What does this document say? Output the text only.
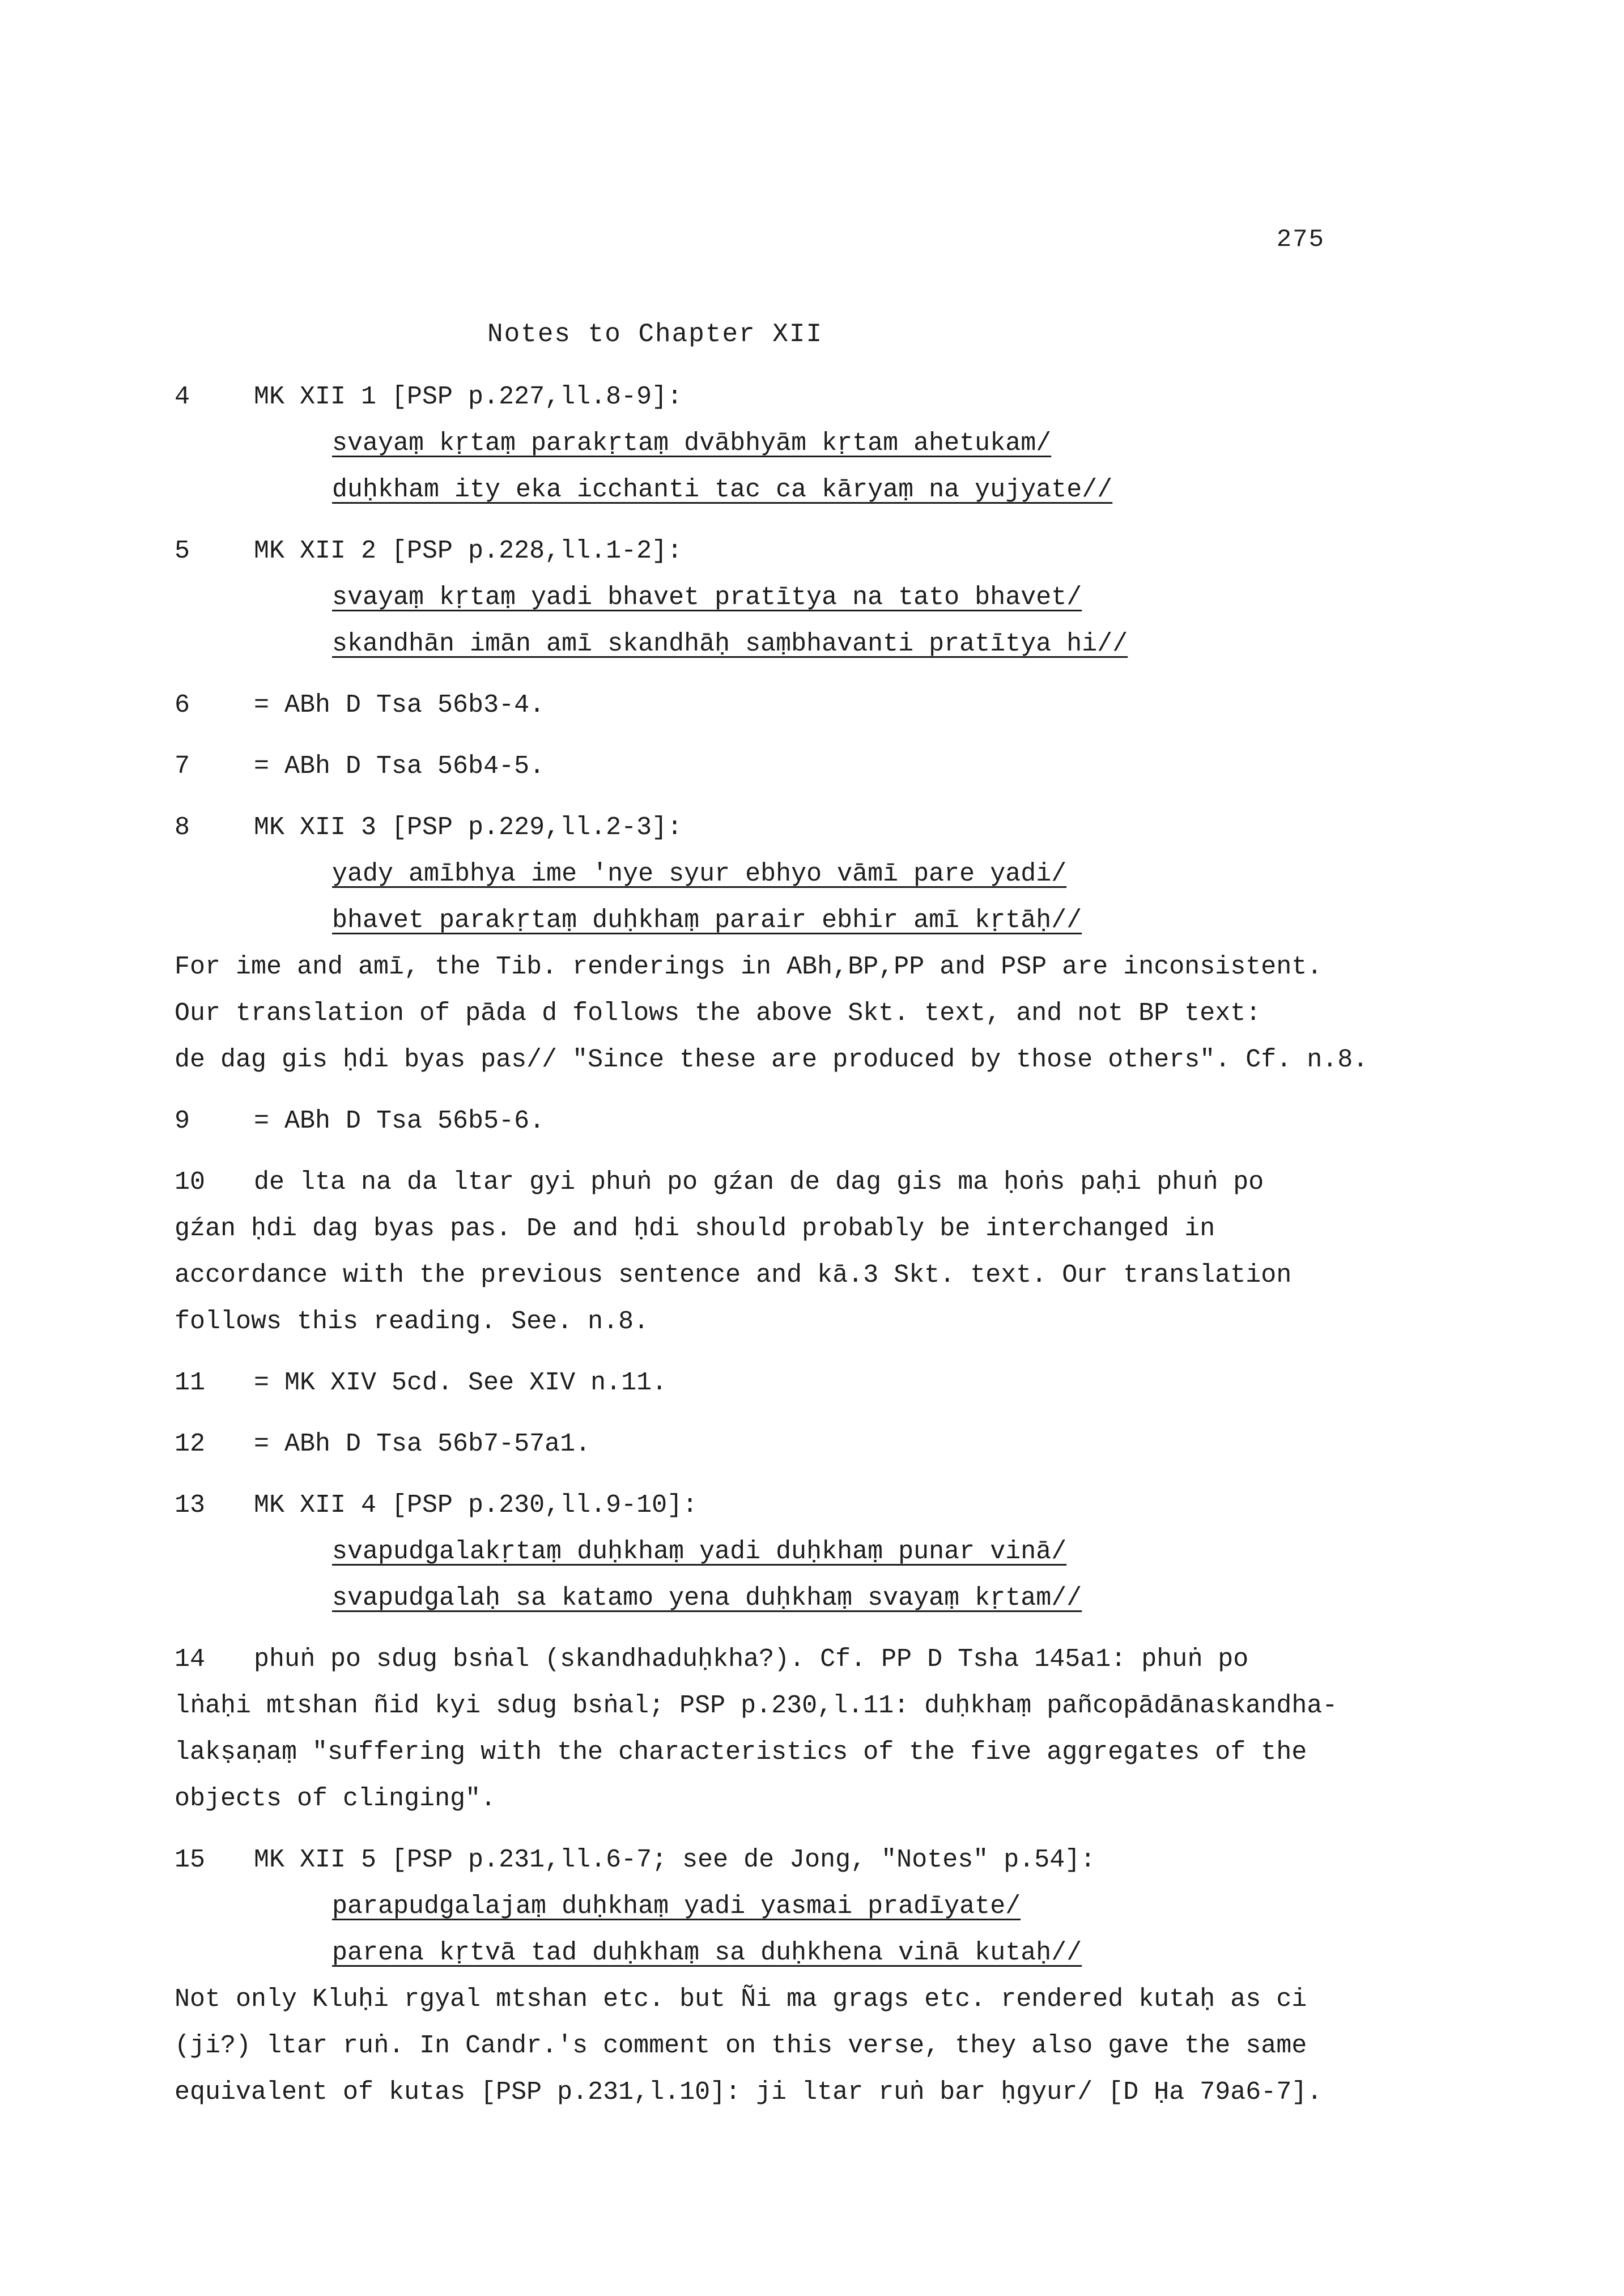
275
Notes to Chapter XII
4	MK XII 1 [PSP p.227,ll.8-9]:
svayaṃ kṛtaṃ parakṛtaṃ dvābhyām kṛtam ahetukam/
duḥkham ity eka icchanti tac ca kāryaṃ na yujyate//
5	MK XII 2 [PSP p.228,ll.1-2]:
svayaṃ kṛtaṃ yadi bhavet pratītya na tato bhavet/
skandhān imān amī skandhāḥ saṃbhavanti pratītya hi//
6	= ABh D Tsa 56b3-4.
7	= ABh D Tsa 56b4-5.
8	MK XII 3 [PSP p.229,ll.2-3]:
yady amībhya ime 'nye syur ebhyo vāmī pare yadi/
bhavet parakṛtaṃ duḥkhaṃ parair ebhir amī kṛtāḥ//
For ime and amī, the Tib. renderings in ABh,BP,PP and PSP are inconsistent.
Our translation of pāda d follows the above Skt. text, and not BP text:
de dag gis ḥdi byas pas// "Since these are produced by those others". Cf. n.8.
9	= ABh D Tsa 56b5-6.
10	de lta na da ltar gyi phuṅ po gźan de dag gis ma ḥoṅs paḥi phuṅ po
gźan ḥdi dag byas pas. De and ḥdi should probably be interchanged in
accordance with the previous sentence and kā.3 Skt. text. Our translation
follows this reading. See. n.8.
11	= MK XIV 5cd. See XIV n.11.
12	= ABh D Tsa 56b7-57a1.
13	MK XII 4 [PSP p.230,ll.9-10]:
svapudgalakṛtaṃ duḥkhaṃ yadi duḥkhaṃ punar vinā/
svapudgalaḥ sa katamo yena duḥkhaṃ svayaṃ kṛtam//
14	phuṅ po sdug bsṅal (skandhaduḥkha?). Cf. PP D Tsha 145a1: phuṅ po
lṅaḥi mtshan ñid kyi sdug bsṅal; PSP p.230,l.11: duḥkhaṃ pañcopādānaskandha-
lakṣaṇaṃ "suffering with the characteristics of the five aggregates of the
objects of clinging".
15	MK XII 5 [PSP p.231,ll.6-7; see de Jong, "Notes" p.54]:
parapudgalajaṃ duḥkhaṃ yadi yasmai pradīyate/
parena kṛtvā tad duḥkhaṃ sa duḥkhena vinā kutaḥ//
Not only Kluḥi rgyal mtshan etc. but Ñi ma grags etc. rendered kutaḥ as ci
(ji?) ltar ruṅ. In Candr.'s comment on this verse, they also gave the same
equivalent of kutas [PSP p.231,l.10]: ji ltar ruṅ bar ḥgyur/ [D Ḥa 79a6-7].
